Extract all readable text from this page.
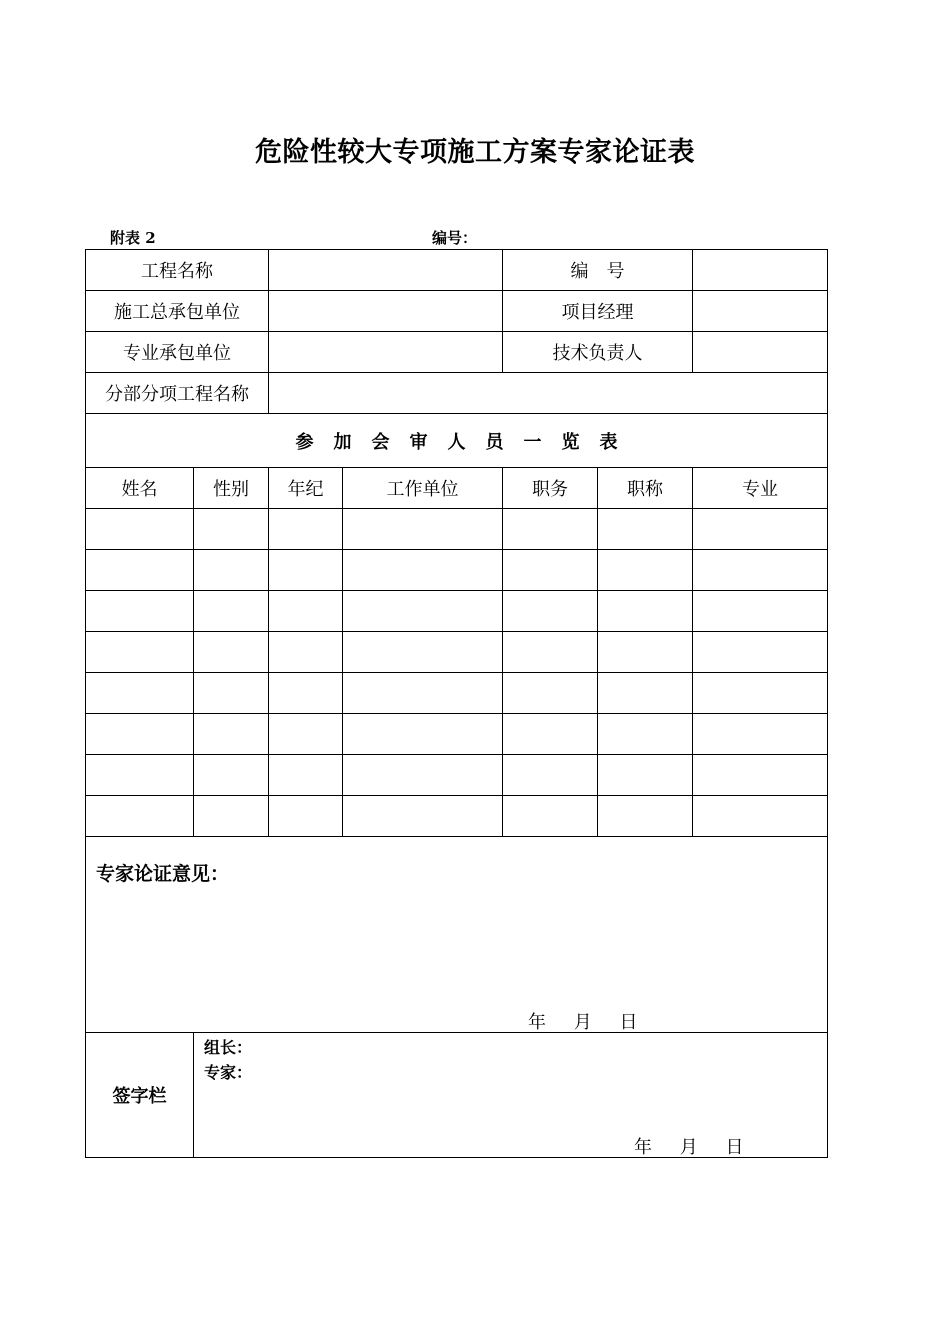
危险性较大专项施工方案专家论证表
附表 2	编号：
工程名称				编　号		
施工总承包单位				项目经理		
专业承包单位				技术负责人		
分部分项工程名称						
参加会审人员一览表						
姓名	性别	年纪	工作单位	职务	职称	专业

专家论证意见：
年 月 日						

签字栏	组长：
专家：
年 月 日					
